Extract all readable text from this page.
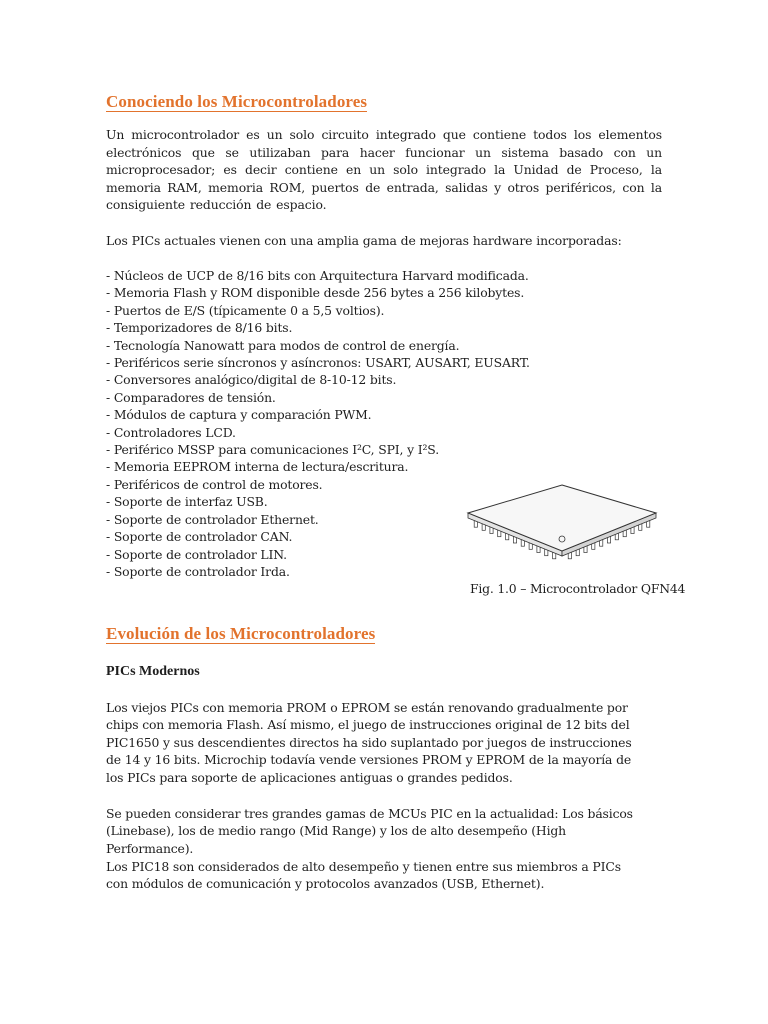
Conociendo los Microcontroladores

Un microcontrolador es un solo circuito integrado que contiene todos los elementos electrónicos que se utilizaban para hacer funcionar un sistema basado con un microprocesador; es decir contiene en un solo integrado la Unidad de Proceso, la memoria RAM, memoria ROM, puertos de entrada, salidas y otros periféricos, con la consiguiente reducción de espacio.

Los PICs actuales vienen con una amplia gama de mejoras hardware incorporadas:

- Núcleos de UCP de 8/16 bits con Arquitectura Harvard modificada.
- Memoria Flash y ROM disponible desde 256 bytes a 256 kilobytes.
- Puertos de E/S (típicamente 0 a 5,5 voltios).
- Temporizadores de 8/16 bits.
- Tecnología Nanowatt para modos de control de energía.
- Periféricos serie síncronos y asíncronos: USART, AUSART, EUSART.
- Conversores analógico/digital de 8-10-12 bits.
- Comparadores de tensión.
- Módulos de captura y comparación PWM.
- Controladores LCD.
- Periférico MSSP para comunicaciones I²C, SPI, y I²S.
- Memoria EEPROM interna de lectura/escritura.
- Periféricos de control de motores.
- Soporte de interfaz USB.
- Soporte de controlador Ethernet.
- Soporte de controlador CAN.
- Soporte de controlador LIN.
- Soporte de controlador Irda.

Fig. 1.0 – Microcontrolador QFN44

Evolución de los Microcontroladores
PICs Modernos

Los viejos PICs con memoria PROM o EPROM se están renovando gradualmente por chips con memoria Flash. Así mismo, el juego de instrucciones original de 12 bits del PIC1650 y sus descendientes directos ha sido suplantado por juegos de instrucciones de 14 y 16 bits. Microchip todavía vende versiones PROM y EPROM de la mayoría de los PICs para soporte de aplicaciones antiguas o grandes pedidos.

Se pueden considerar tres grandes gamas de MCUs PIC en la actualidad: Los básicos (Linebase), los de medio rango (Mid Range) y los de alto desempeño (High Performance).

Los PIC18 son considerados de alto desempeño y tienen entre sus miembros a PICs con módulos de comunicación y protocolos avanzados (USB, Ethernet).
